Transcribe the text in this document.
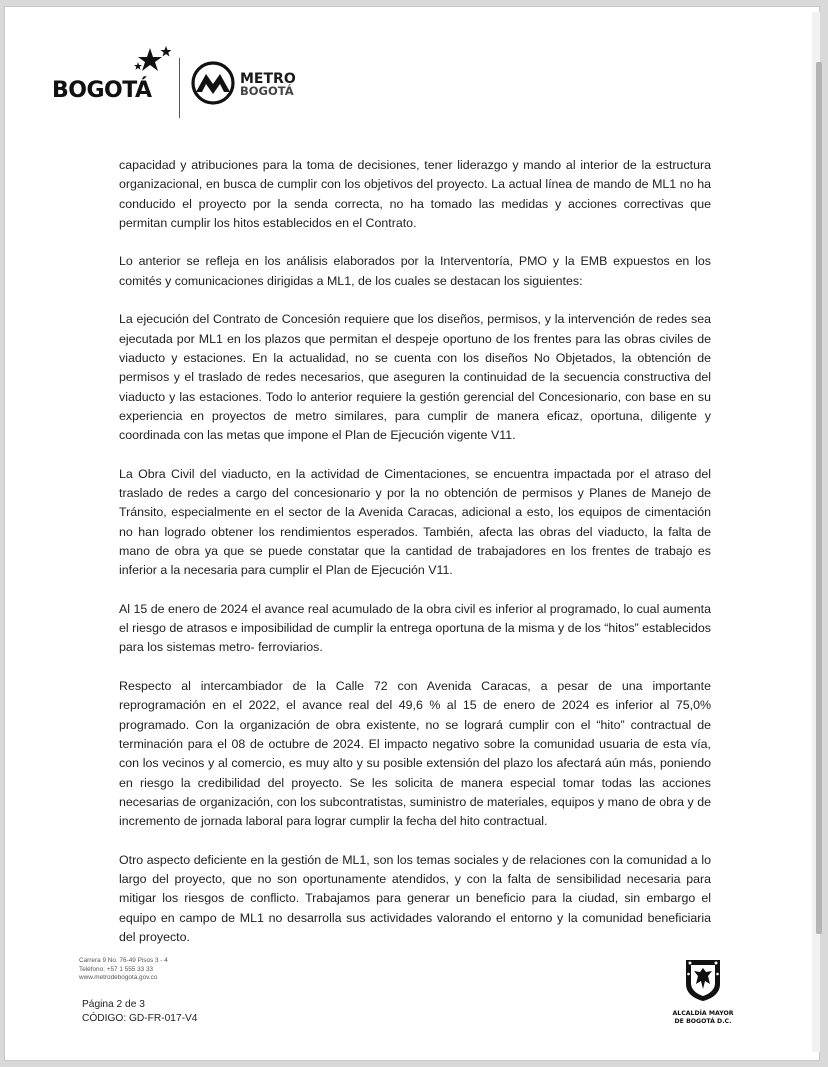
BOGOTÁ	METRO
BOGOTÁ

capacidad y atribuciones para la toma de decisiones, tener liderazgo y mando al interior de la estructura organizacional, en busca de cumplir con los objetivos del proyecto. La actual línea de mando de ML1 no ha conducido el proyecto por la senda correcta, no ha tomado las medidas y acciones correctivas que permitan cumplir los hitos establecidos en el Contrato.

Lo anterior se refleja en los análisis elaborados por la Interventoría, PMO y la EMB expuestos en los comités y comunicaciones dirigidas a ML1, de los cuales se destacan los siguientes:

La ejecución del Contrato de Concesión requiere que los diseños, permisos, y la intervención de redes sea ejecutada por ML1 en los plazos que permitan el despeje oportuno de los frentes para las obras civiles de viaducto y estaciones. En la actualidad, no se cuenta con los diseños No Objetados, la obtención de permisos y el traslado de redes necesarios, que aseguren la continuidad de la secuencia constructiva del viaducto y las estaciones. Todo lo anterior requiere la gestión gerencial del Concesionario, con base en su experiencia en proyectos de metro similares, para cumplir de manera eficaz, oportuna, diligente y coordinada con las metas que impone el Plan de Ejecución vigente V11.

La Obra Civil del viaducto, en la actividad de Cimentaciones, se encuentra impactada por el atraso del traslado de redes a cargo del concesionario y por la no obtención de permisos y Planes de Manejo de Tránsito, especialmente en el sector de la Avenida Caracas, adicional a esto, los equipos de cimentación no han logrado obtener los rendimientos esperados. También, afecta las obras del viaducto, la falta de mano de obra ya que se puede constatar que la cantidad de trabajadores en los frentes de trabajo es inferior a la necesaria para cumplir el Plan de Ejecución V11.

Al 15 de enero de 2024 el avance real acumulado de la obra civil es inferior al programado, lo cual aumenta el riesgo de atrasos e imposibilidad de cumplir la entrega oportuna de la misma y de los “hitos” establecidos para los sistemas metro- ferroviarios.

Respecto al intercambiador de la Calle 72 con Avenida Caracas, a pesar de una importante reprogramación en el 2022, el avance real del 49,6 % al 15 de enero de 2024 es inferior al 75,0% programado. Con la organización de obra existente, no se logrará cumplir con el “hito” contractual de terminación para el 08 de octubre de 2024. El impacto negativo sobre la comunidad usuaria de esta vía, con los vecinos y al comercio, es muy alto y su posible extensión del plazo los afectará aún más, poniendo en riesgo la credibilidad del proyecto. Se les solicita de manera especial tomar todas las acciones necesarias de organización, con los subcontratistas, suministro de materiales, equipos y mano de obra y de incremento de jornada laboral para lograr cumplir la fecha del hito contractual.

Otro aspecto deficiente en la gestión de ML1, son los temas sociales y de relaciones con la comunidad a lo largo del proyecto, que no son oportunamente atendidos, y con la falta de sensibilidad necesaria para mitigar los riesgos de conflicto. Trabajamos para generar un beneficio para la ciudad, sin embargo el equipo en campo de ML1 no desarrolla sus actividades valorando el entorno y la comunidad beneficiaria del proyecto.

Carrera 9 No. 76-49 Pisos 3 - 4
Teléfono: +57 1 555 33 33
www.metrodebogota.gov.co
Página 2 de 3
CÓDIGO: GD-FR-017-V4	ALCALDÍA MAYOR
DE BOGOTÁ D.C.
